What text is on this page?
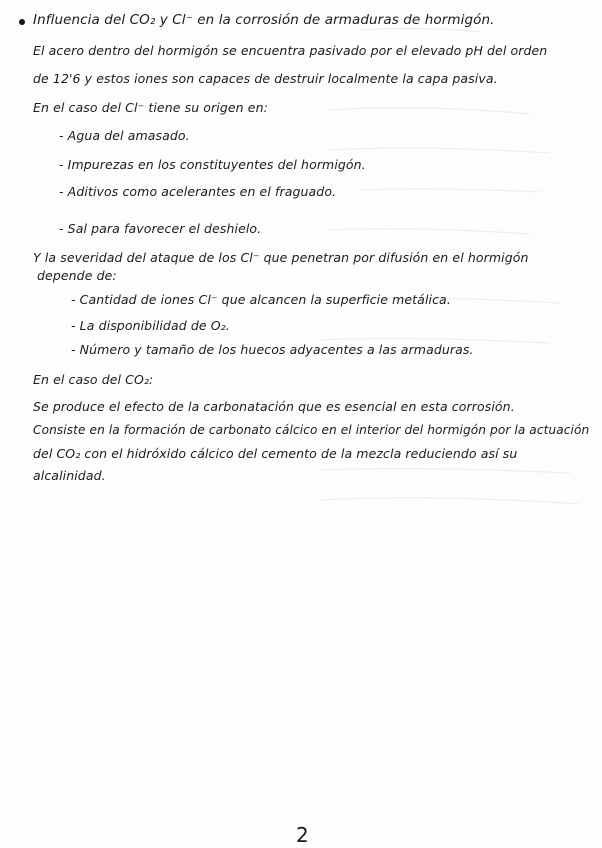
Influencia del CO₂ y Cl⁻ en la corrosión de armaduras de hormigón.
El acero dentro del hormigón se encuentra pasivado por el elevado pH del orden
de 12'6 y estos iones son capaces de destruir localmente la capa pasiva.
En el caso del Cl⁻ tiene su origen en:
- Agua del amasado.
- Impurezas en los constituyentes del hormigón.
- Aditivos como acelerantes en el fraguado.
- Sal para favorecer el deshielo.
Y la severidad del ataque de los Cl⁻ que penetran por difusión en el hormigón
depende de:
- Cantidad de iones Cl⁻ que alcancen la superficie metálica.
- La disponibilidad de O₂.
- Número y tamaño de los huecos adyacentes a las armaduras.
En el caso del CO₂:
Se produce el efecto de la carbonatación que es esencial en esta corrosión.
Consiste en la formación de carbonato cálcico en el interior del hormigón por la actuación
del CO₂ con el hidróxido cálcico del cemento de la mezcla reduciendo así su
alcalinidad.
2
